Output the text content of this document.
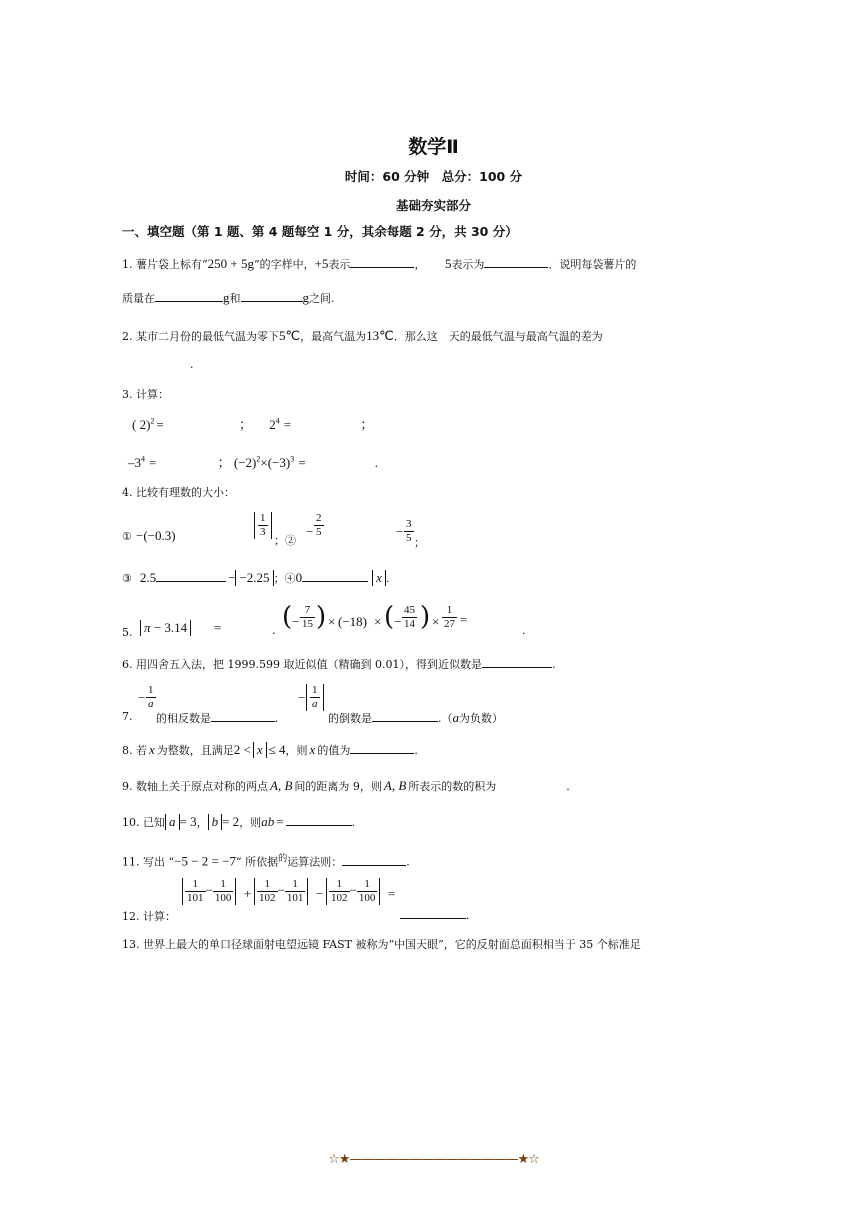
数学Ⅱ
时间：60 分钟　总分：100 分
基础夯实部分
一、填空题（第 1 题、第 4 题每空 1 分，其余每题 2 分，共 30 分）
1. 薯片袋上标有“250 + 5g”的字样中，+5表示	， 5表示为	．说明每袋薯片的
质量在	g和	g之间.
2. 某市二月份的最低气温为零下5℃，最高气温为13℃．那么这　天的最低气温与最高气温的差为
.
3. 计算：
( 2)$^2$ =	； $2^4$ =	；
$-3^4$ =	； $(-2)^2\times(-3)^3$ =	.
4. 比较有理数的大小：
① −(−0.3)	$\frac{1}{3}$
；②
− $\frac{2}{5}$	− $\frac{3}{5}$ ；
③ 2.5	− −2.25 ；④0	x .
5. π − 3.14	=	. ( − $\frac{7}{15}$ ) × (−18) × ( − $\frac{45}{14}$ ) × $\frac{1}{27}$ =
.
6. 用四舍五入法，把 1999.599 取近似值（精确到 0.01），得到近似数是	.
− $\frac{1}{a}$
7. 的相反数是	.
− $\frac{1}{a}$
的倒数是	.（a为负数）
8. 若 x 为整数，且满足2 < x ≤ 4，则 x 的值为	.
9. 数轴上关于原点对称的两点 A, B 间的距离为 9，则 A, B 所表示的数的积为	.
10. 已知 a = 3， b = 2，则ab =	.
11. 写出 “−5 − 2 = −7” 所依据$^的$运算法则：	.
12. 计算：
$\frac{1}{101} - \frac{1}{100} + \frac{1}{102} - \frac{1}{101} - \frac{1}{102} - \frac{1}{100}$ =
.
13. 世界上最大的单口径球面射电望远镜 FAST 被称为“中国天眼”，它的反射面总面积相当于 35 个标准足
☆★——————————————★☆
